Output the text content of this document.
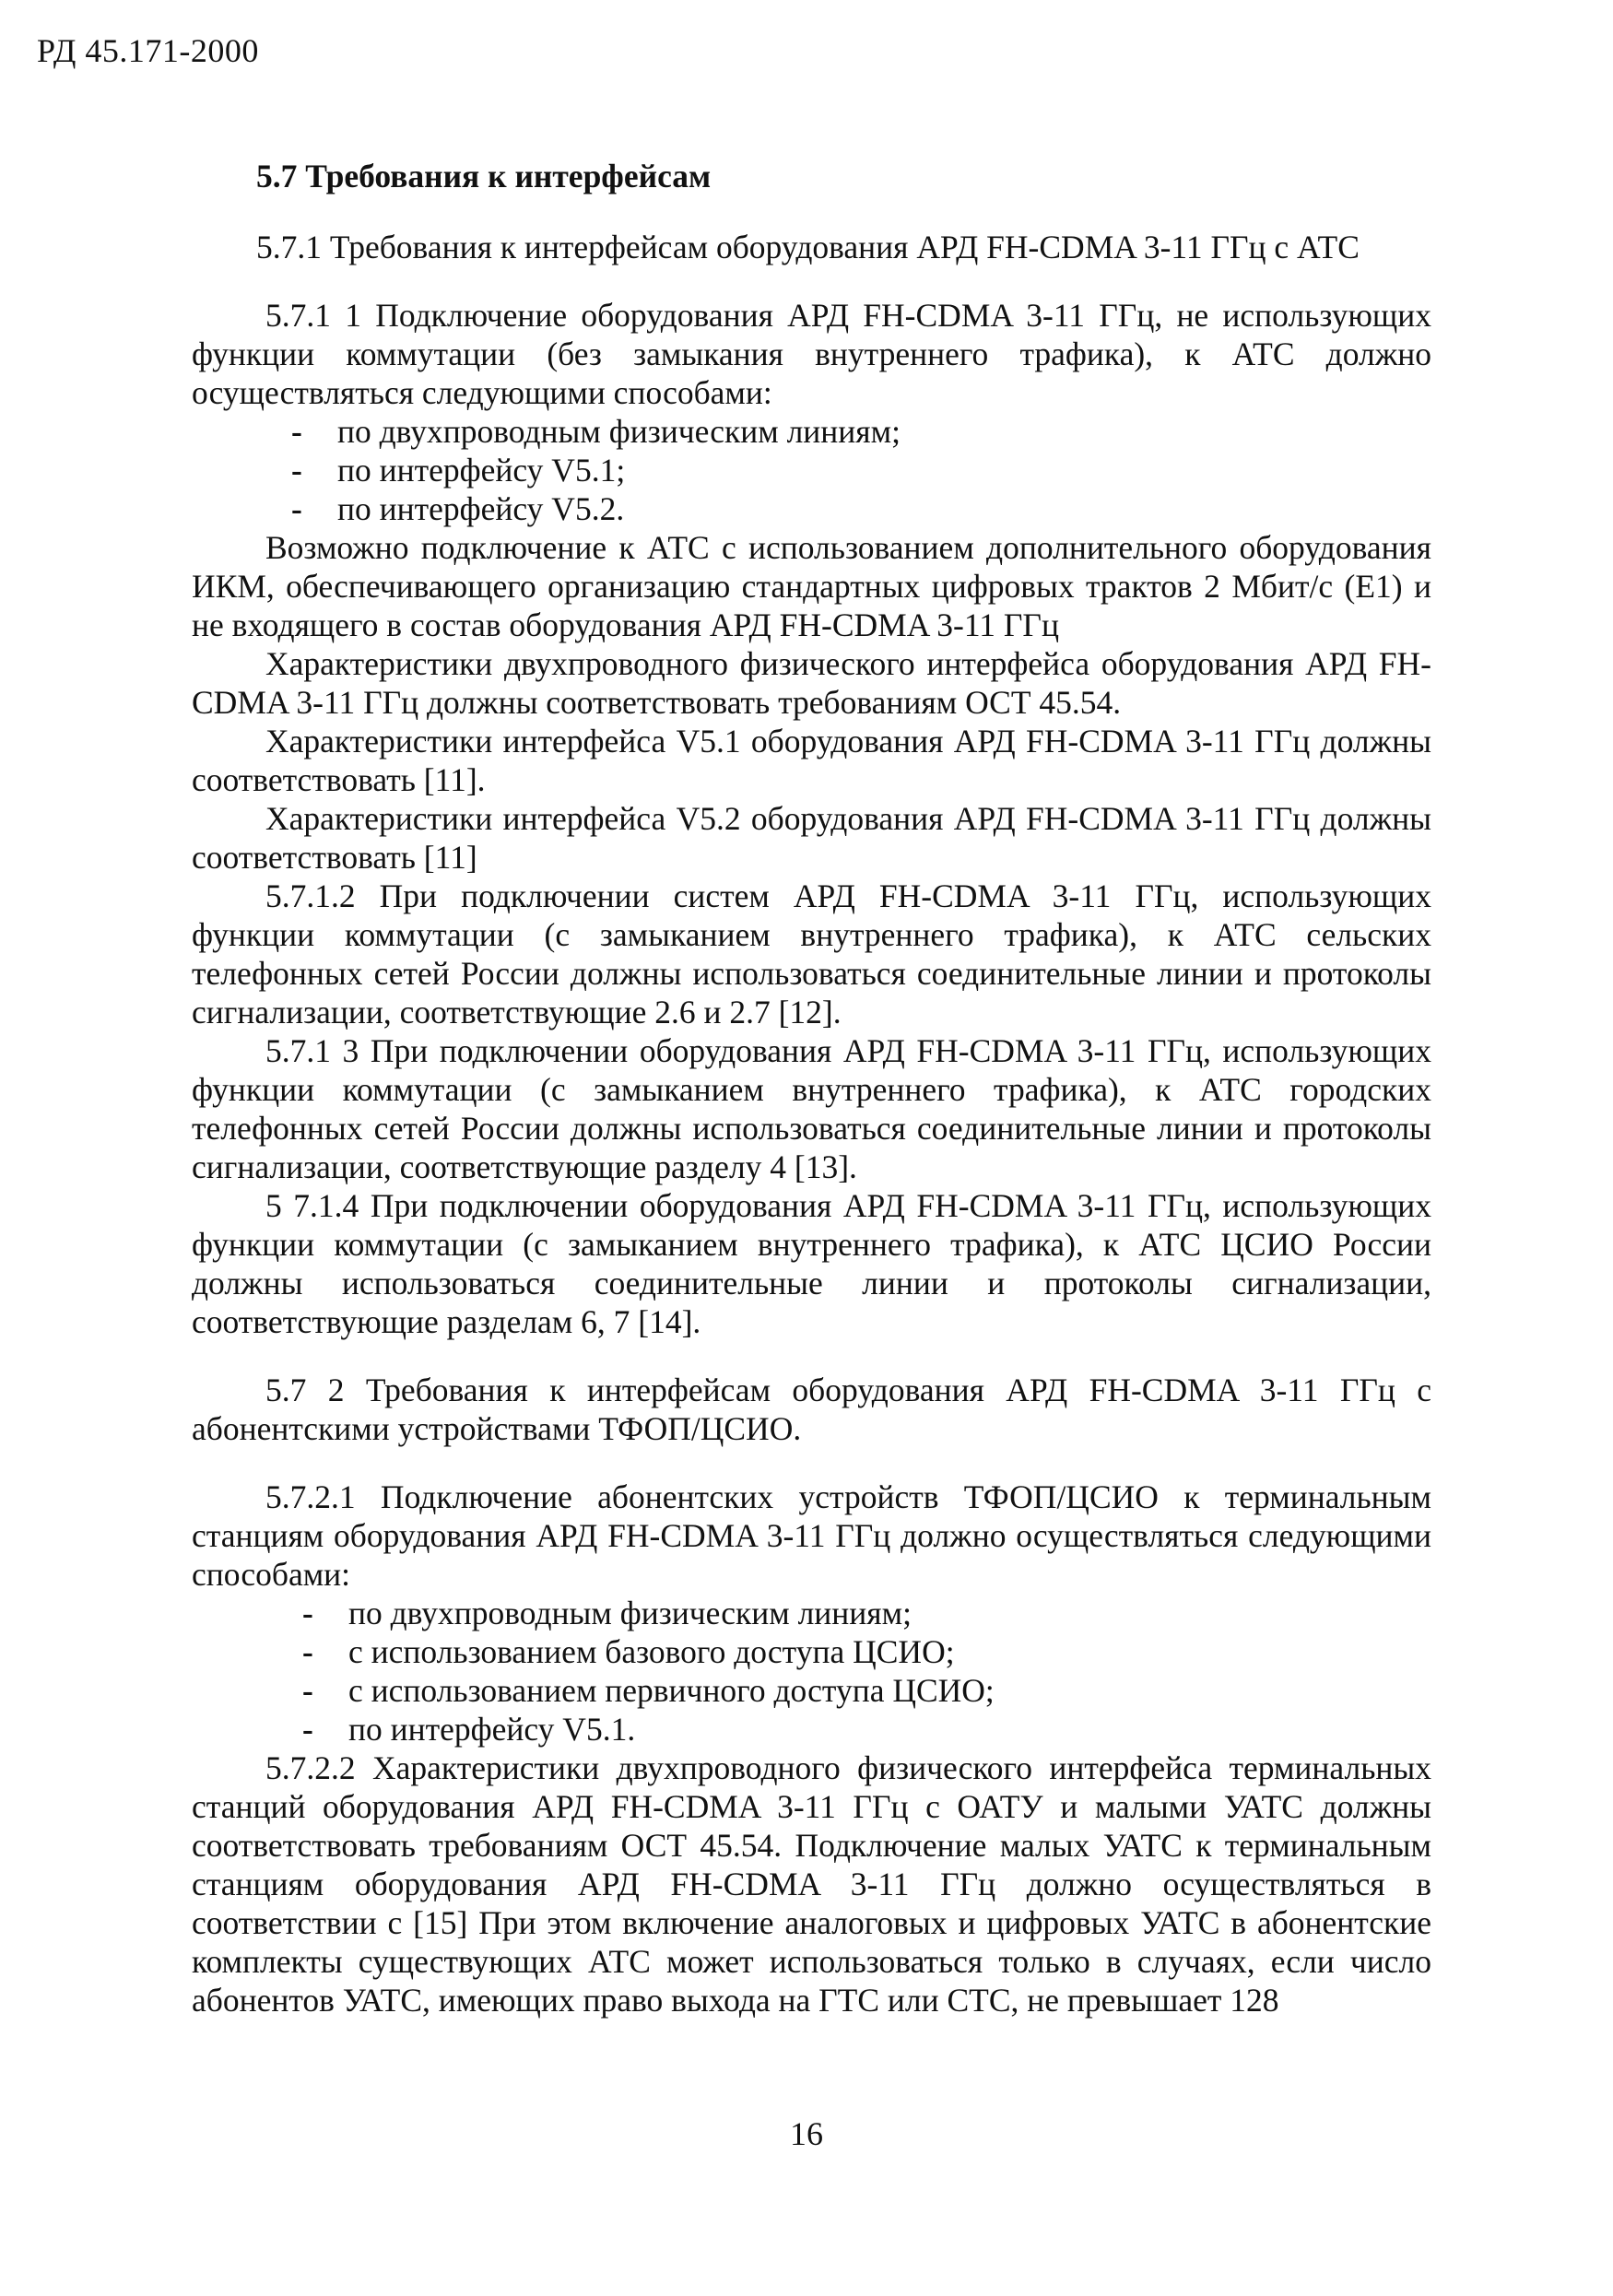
РД 45.171-2000

5.7 Требования к интерфейсам

5.7.1 Требования к интерфейсам оборудования АРД FH-CDMA 3-11 ГГц с АТС

5.7.1 1 Подключение оборудования АРД FH-CDMA 3-11 ГГц, не использующих функции коммутации (без замыкания внутреннего трафика), к АТС должно осуществляться следующими способами:

- по двухпроводным физическим линиям;
- по интерфейсу V5.1;
- по интерфейсу V5.2.

Возможно подключение к АТС с использованием дополнительного оборудования ИКМ, обеспечивающего организацию стандартных цифровых трактов 2 Мбит/с (E1) и не входящего в состав оборудования АРД FH-CDMA 3-11 ГГц

Характеристики двухпроводного физического интерфейса оборудования АРД FH-CDMA 3-11 ГГц должны соответствовать требованиям ОСТ 45.54.

Характеристики интерфейса V5.1 оборудования АРД FH-CDMA 3-11 ГГц должны соответствовать [11].

Характеристики интерфейса V5.2 оборудования АРД FH-CDMA 3-11 ГГц должны соответствовать [11]

5.7.1.2 При подключении систем АРД FH-CDMA 3-11 ГГц, использующих функции коммутации (с замыканием внутреннего трафика), к АТС сельских телефонных сетей России должны использоваться соединительные линии и протоколы сигнализации, соответствующие 2.6 и 2.7 [12].

5.7.1 3 При подключении оборудования АРД FH-CDMA 3-11 ГГц, использующих функции коммутации (с замыканием внутреннего трафика), к АТС городских телефонных сетей России должны использоваться соединительные линии и протоколы сигнализации, соответствующие разделу 4 [13].

5 7.1.4 При подключении оборудования АРД FH-CDMA 3-11 ГГц, использующих функции коммутации (с замыканием внутреннего трафика), к АТС ЦСИО России должны использоваться соединительные линии и протоколы сигнализации, соответствующие разделам 6, 7 [14].

5.7 2 Требования к интерфейсам оборудования АРД FH-CDMA 3-11 ГГц с абонентскими устройствами ТФОП/ЦСИО.

5.7.2.1 Подключение абонентских устройств ТФОП/ЦСИО к терминальным станциям оборудования АРД FH-CDMA 3-11 ГГц должно осуществляться следующими способами:

- по двухпроводным физическим линиям;
- с использованием базового доступа ЦСИО;
- с использованием первичного доступа ЦСИО;
- по интерфейсу V5.1.

5.7.2.2 Характеристики двухпроводного физического интерфейса терминальных станций оборудования АРД FH-CDMA 3-11 ГГц с ОАТУ и малыми УАТС должны соответствовать требованиям ОСТ 45.54. Подключение малых УАТС к терминальным станциям оборудования АРД FH-CDMA 3-11 ГГц должно осуществляться в соответствии с [15] При этом включение аналоговых и цифровых УАТС в абонентские комплекты существующих АТС может использоваться только в случаях, если число абонентов УАТС, имеющих право выхода на ГТС или СТС, не превышает 128

16
